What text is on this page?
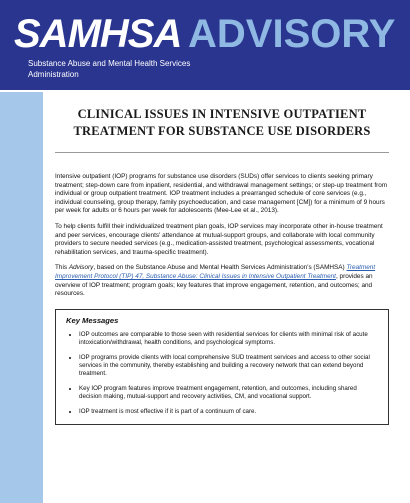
SAMHSA ADVISORY
Substance Abuse and Mental Health Services Administration
CLINICAL ISSUES IN INTENSIVE OUTPATIENT TREATMENT FOR SUBSTANCE USE DISORDERS

Intensive outpatient (IOP) programs for substance use disorders (SUDs) offer services to clients seeking primary treatment; step-down care from inpatient, residential, and withdrawal management settings; or step-up treatment from individual or group outpatient treatment. IOP treatment includes a prearranged schedule of core services (e.g., individual counseling, group therapy, family psychoeducation, and case management [CM]) for a minimum of 9 hours per week for adults or 6 hours per week for adolescents (Mee-Lee et al., 2013).

To help clients fulfill their individualized treatment plan goals, IOP services may incorporate other in-house treatment and peer services, encourage clients' attendance at mutual-support groups, and collaborate with local community providers to secure needed services (e.g., medication-assisted treatment, psychological assessments, vocational rehabilitation services, and trauma-specific treatment).

This Advisory, based on the Substance Abuse and Mental Health Services Administration's (SAMHSA) Treatment Improvement Protocol (TIP) 47, Substance Abuse: Clinical Issues in Intensive Outpatient Treatment, provides an overview of IOP treatment; program goals; key features that improve engagement, retention, and outcomes; and resources.

Key Messages
• IOP outcomes are comparable to those seen with residential services for clients with minimal risk of acute intoxication/withdrawal, health conditions, and psychological symptoms.
• IOP programs provide clients with local comprehensive SUD treatment services and access to other social services in the community, thereby establishing and building a recovery network that can extend beyond treatment.
• Key IOP program features improve treatment engagement, retention, and outcomes, including shared decision making, mutual-support and recovery activities, CM, and vocational support.
• IOP treatment is most effective if it is part of a continuum of care.
